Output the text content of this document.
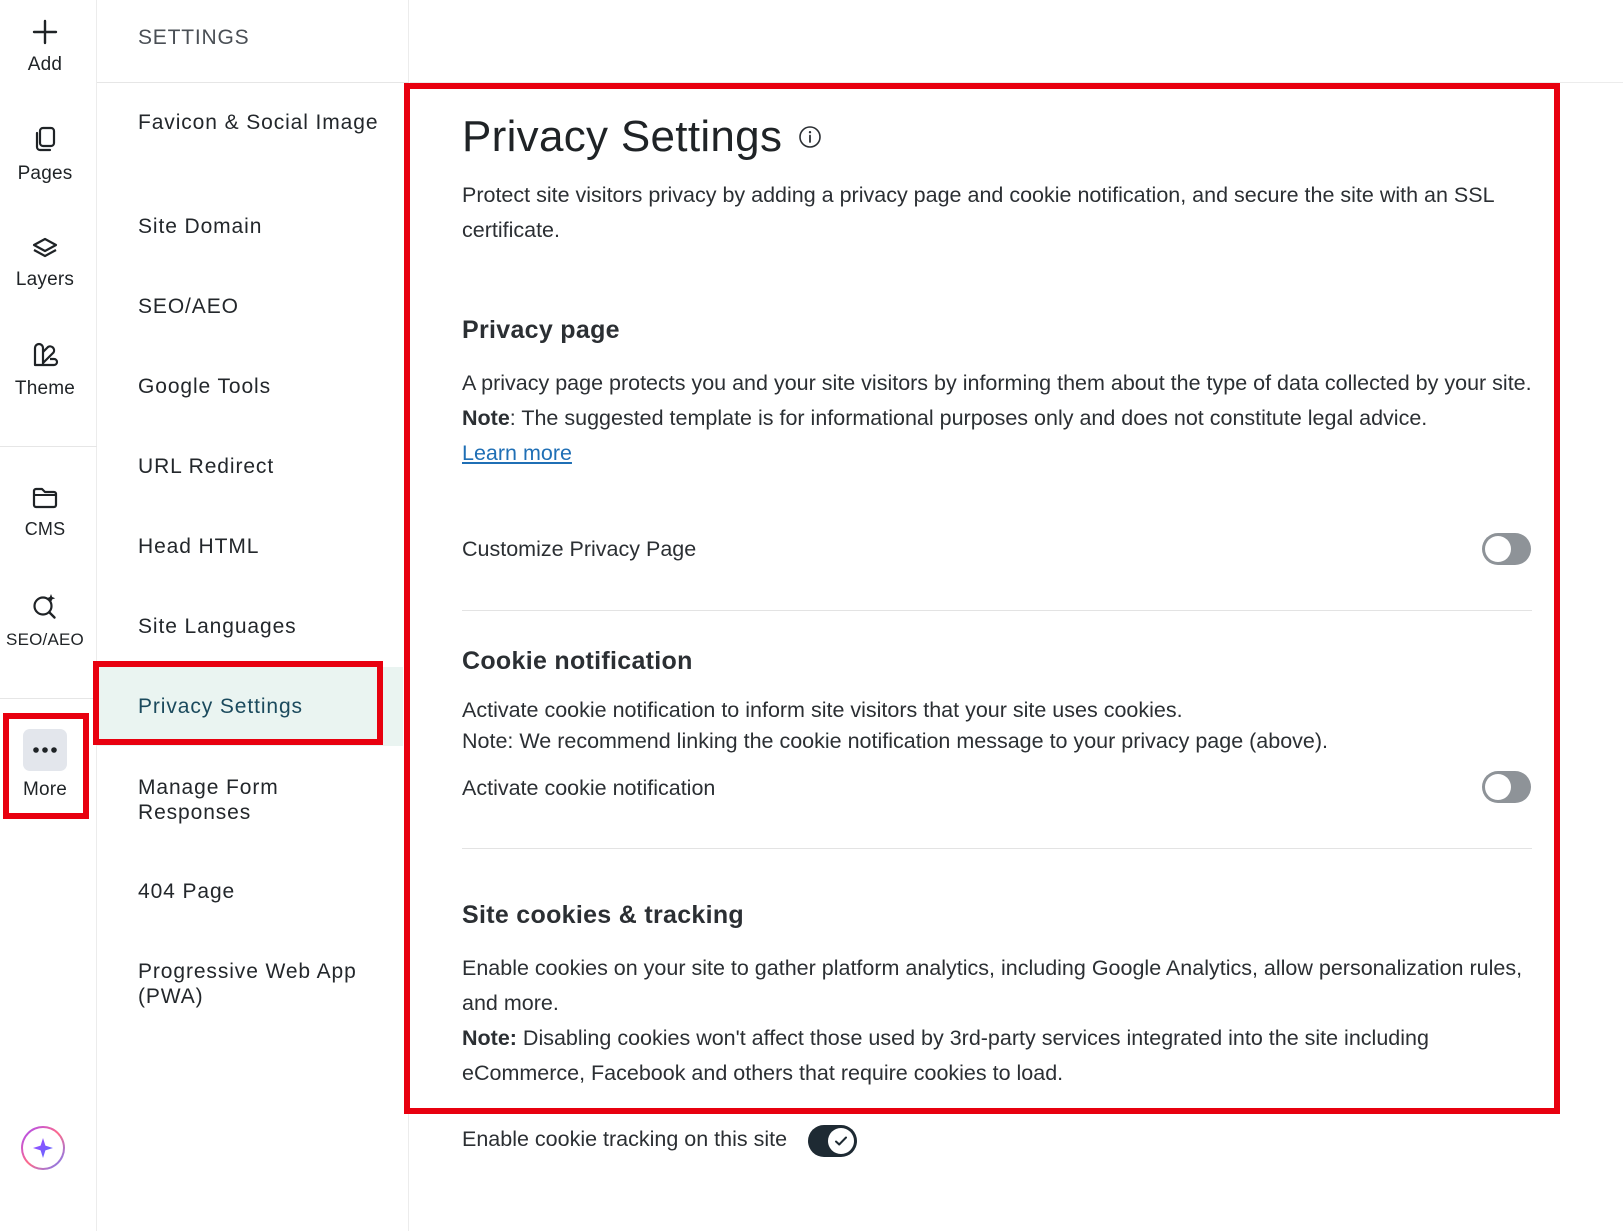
Add
Pages
Layers
Theme
CMS
SEO/AEO
More
SETTINGS
Favicon & Social Image
Site Domain
SEO/AEO
Google Tools
URL Redirect
Head HTML
Site Languages
Privacy Settings
Manage Form Responses
404 Page
Progressive Web App (PWA)
Privacy Settings

Protect site visitors privacy by adding a privacy page and cookie notification, and secure the site with an SSL certificate.

Privacy page
A privacy page protects you and your site visitors by informing them about the type of data collected by your site.
Note: The suggested template is for informational purposes only and does not constitute legal advice.
Learn more
Customize Privacy Page
Cookie notification
Activate cookie notification to inform site visitors that your site uses cookies.
Note: We recommend linking the cookie notification message to your privacy page (above).
Activate cookie notification
Site cookies & tracking
Enable cookies on your site to gather platform analytics, including Google Analytics, allow personalization rules, and more.
Note: Disabling cookies won't affect those used by 3rd-party services integrated into the site including eCommerce, Facebook and others that require cookies to load.
Enable cookie tracking on this site
